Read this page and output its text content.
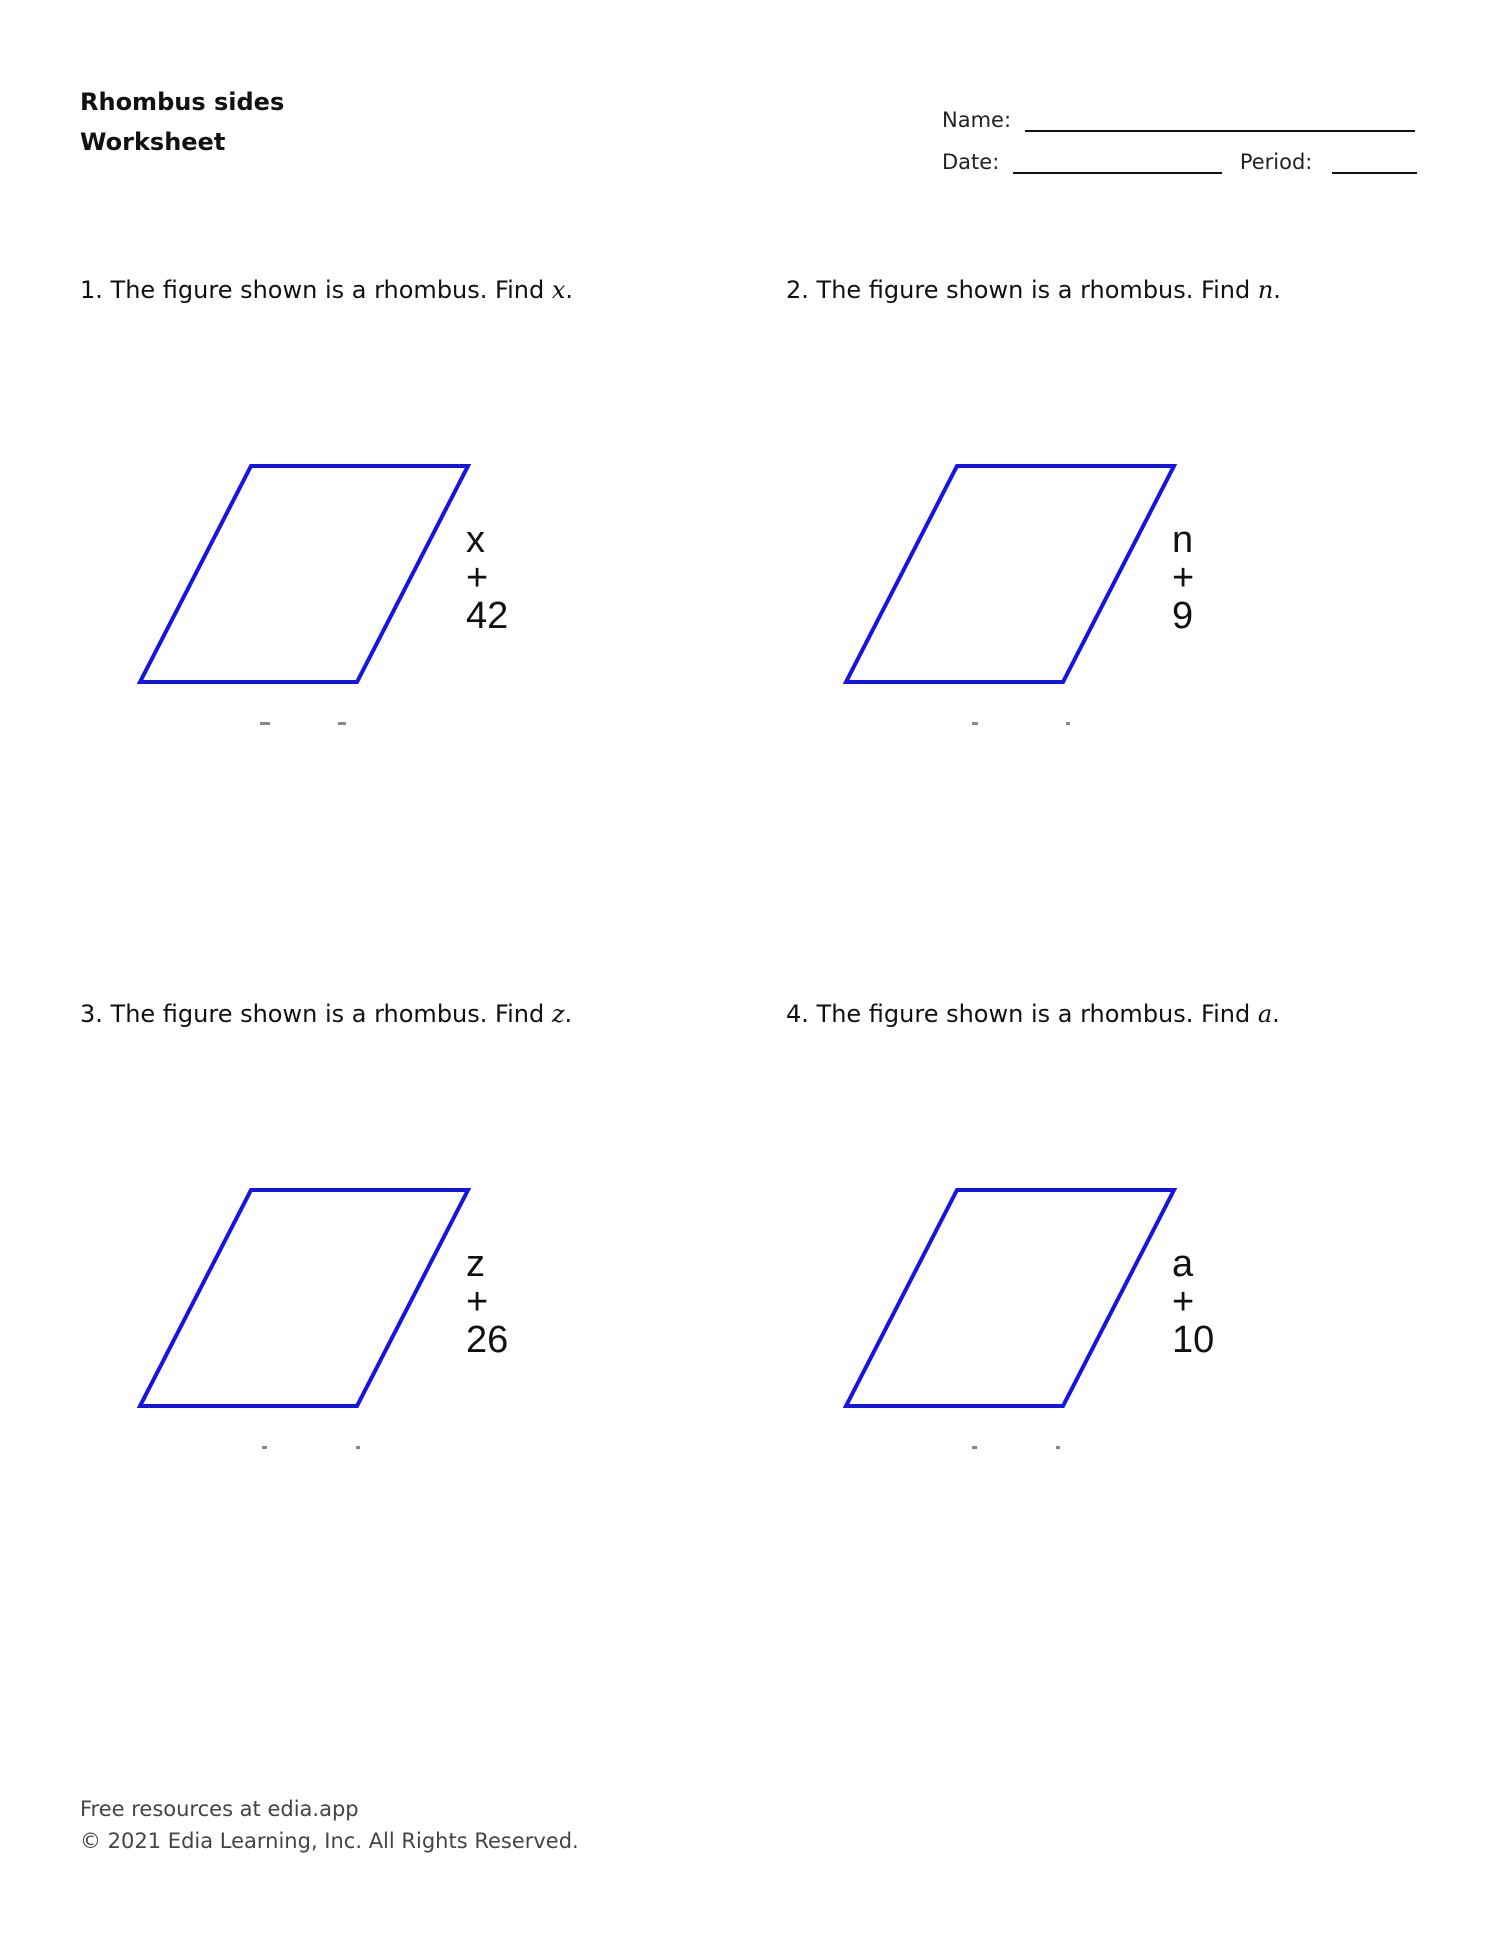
Rhombus sides
Worksheet
Name:
Date:	Period:
1. The figure shown is a rhombus. Find x.
x
+
42
2. The figure shown is a rhombus. Find n.
n
+
9
3. The figure shown is a rhombus. Find z.
z
+
26
4. The figure shown is a rhombus. Find a.
a
+
10
Free resources at edia.app
© 2021 Edia Learning, Inc. All Rights Reserved.
